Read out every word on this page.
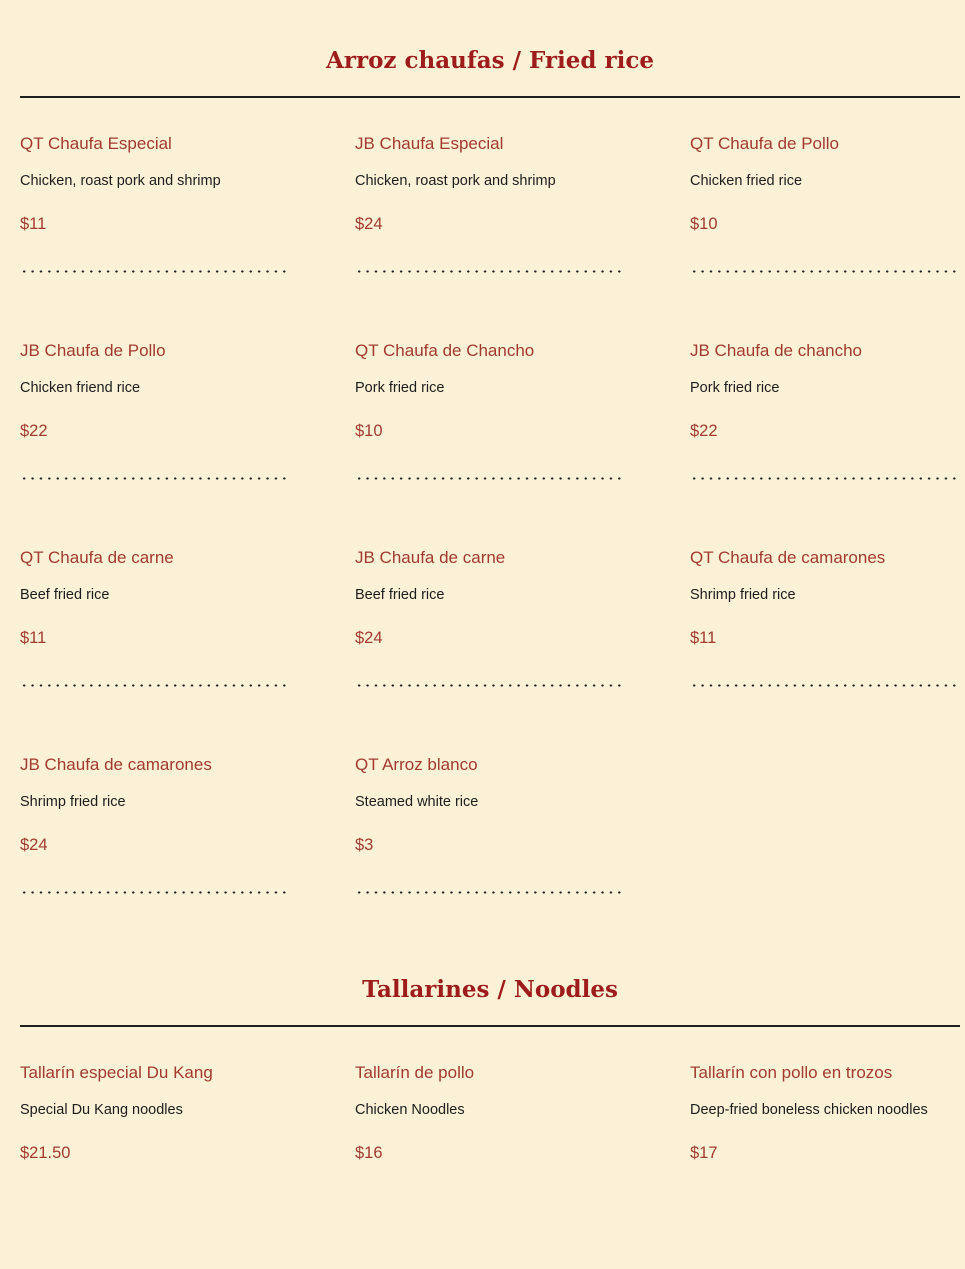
Arroz chaufas / Fried rice
QT Chaufa Especial
Chicken, roast pork and shrimp
$11
JB Chaufa Especial
Chicken, roast pork and shrimp
$24
QT Chaufa de Pollo
Chicken fried rice
$10
JB Chaufa de Pollo
Chicken friend rice
$22
QT Chaufa de Chancho
Pork fried rice
$10
JB Chaufa de chancho
Pork fried rice
$22
QT Chaufa de carne
Beef fried rice
$11
JB Chaufa de carne
Beef fried rice
$24
QT Chaufa de camarones
Shrimp fried rice
$11
JB Chaufa de camarones
Shrimp fried rice
$24
QT Arroz blanco
Steamed white rice
$3
Tallarines / Noodles
Tallarín especial Du Kang
Special Du Kang noodles
$21.50
Tallarín de pollo
Chicken Noodles
$16
Tallarín con pollo en trozos
Deep-fried boneless chicken noodles
$17
